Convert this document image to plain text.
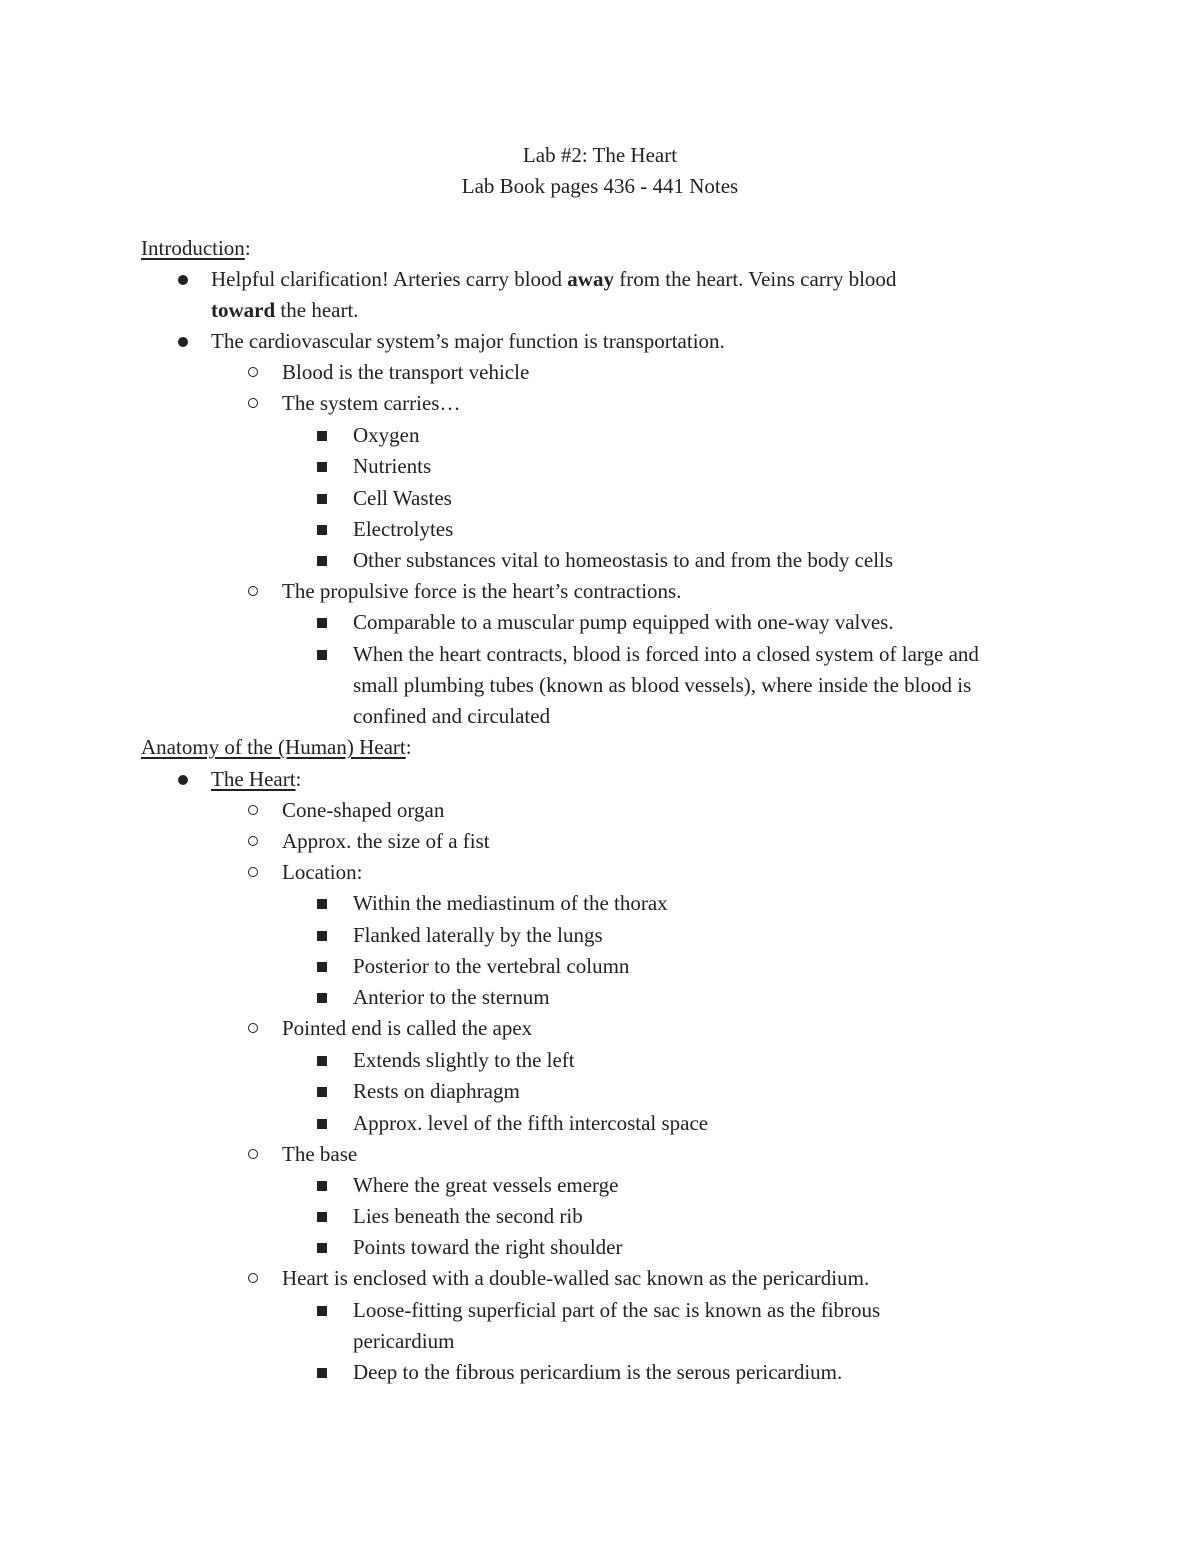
Lab #2: The Heart
Lab Book pages 436 - 441 Notes
Introduction:
Helpful clarification! Arteries carry blood away from the heart. Veins carry blood
toward the heart.
The cardiovascular system’s major function is transportation.
Blood is the transport vehicle
The system carries…
Oxygen
Nutrients
Cell Wastes
Electrolytes
Other substances vital to homeostasis to and from the body cells
The propulsive force is the heart’s contractions.
Comparable to a muscular pump equipped with one-way valves.
When the heart contracts, blood is forced into a closed system of large and
small plumbing tubes (known as blood vessels), where inside the blood is
confined and circulated
Anatomy of the (Human) Heart:
The Heart:
Cone-shaped organ
Approx. the size of a fist
Location:
Within the mediastinum of the thorax
Flanked laterally by the lungs
Posterior to the vertebral column
Anterior to the sternum
Pointed end is called the apex
Extends slightly to the left
Rests on diaphragm
Approx. level of the fifth intercostal space
The base
Where the great vessels emerge
Lies beneath the second rib
Points toward the right shoulder
Heart is enclosed with a double-walled sac known as the pericardium.
Loose-fitting superficial part of the sac is known as the fibrous
pericardium
Deep to the fibrous pericardium is the serous pericardium.
